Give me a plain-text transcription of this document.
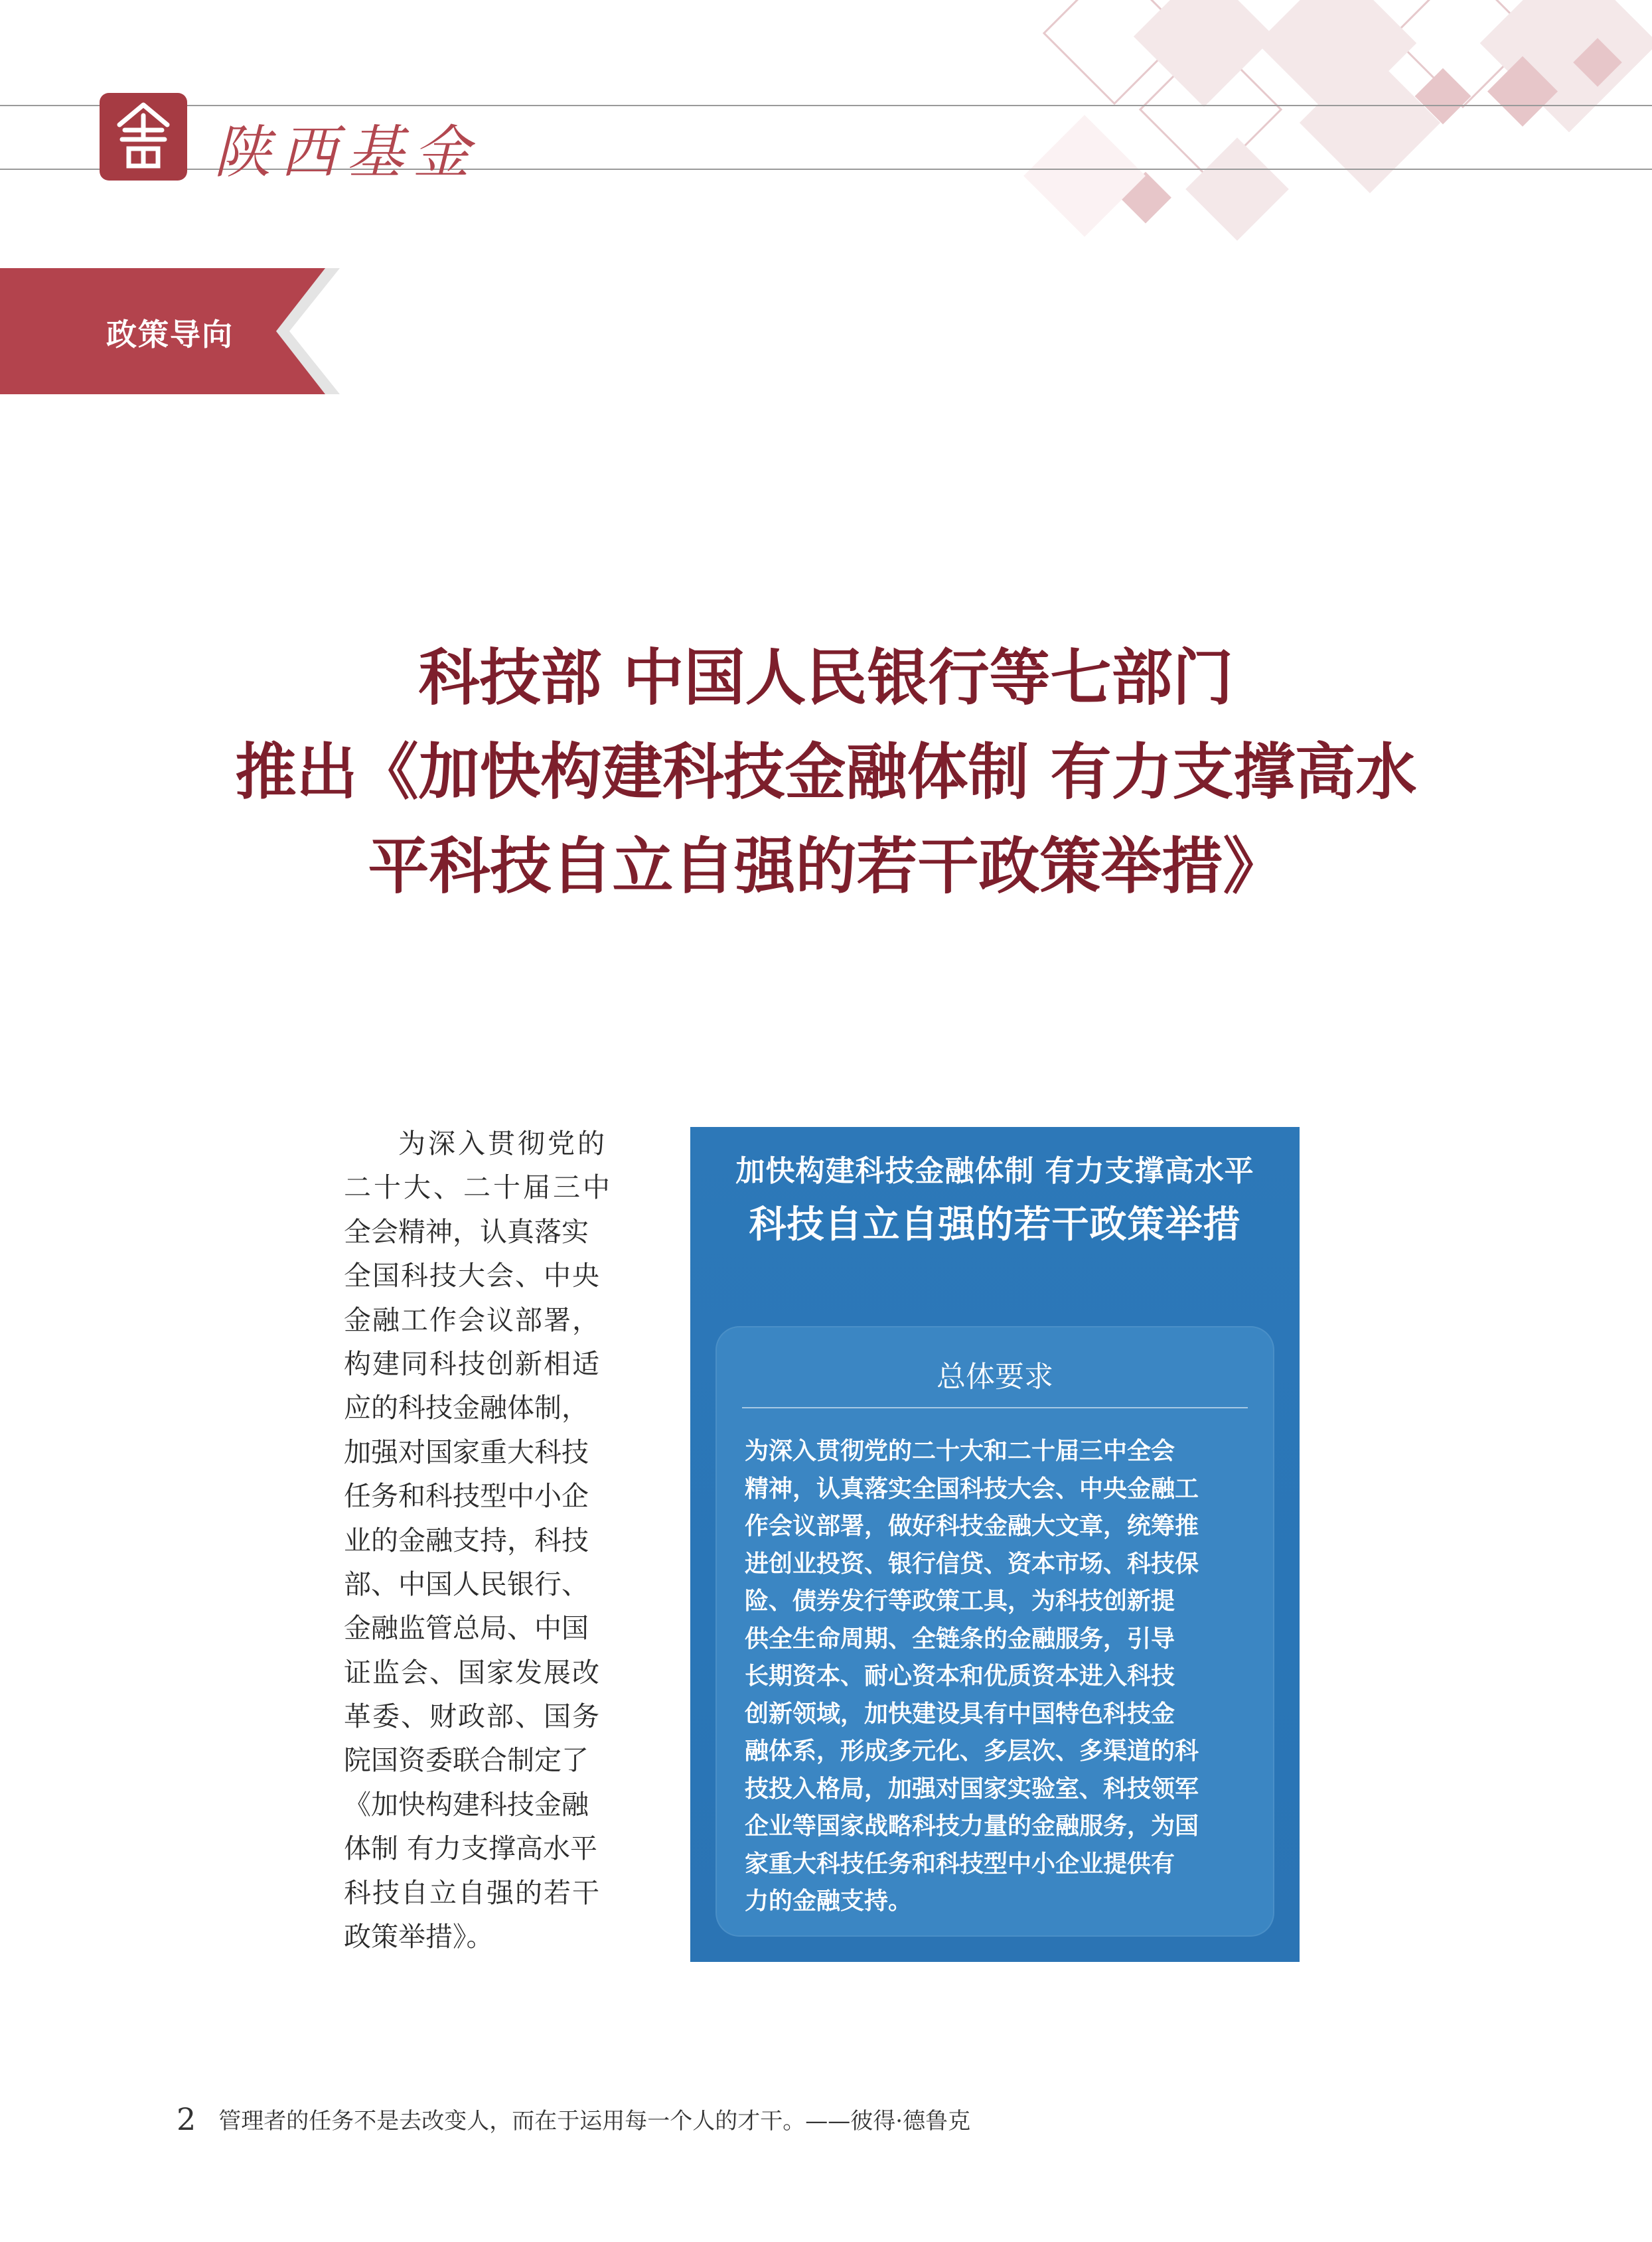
陕西基金
政策导向
科技部 中国人民银行等七部门
推出《加快构建科技金融体制 有力支撑高水
平科技自立自强的若干政策举措》
为深入贯彻党的
二十大、二十届三中
全会精神，认真落实
全国科技大会、中央
金融工作会议部署，
构建同科技创新相适
应的科技金融体制，
加强对国家重大科技
任务和科技型中小企
业的金融支持，科技
部、中国人民银行、
金融监管总局、中国
证监会、国家发展改
革委、财政部、国务
院国资委联合制定了
《加快构建科技金融
体制 有力支撑高水平
科技自立自强的若干
政策举措》。
加快构建科技金融体制 有力支撑高水平
科技自立自强的若干政策举措
总体要求
为深入贯彻党的二十大和二十届三中全会
精神，认真落实全国科技大会、中央金融工
作会议部署，做好科技金融大文章，统筹推
进创业投资、银行信贷、资本市场、科技保
险、债券发行等政策工具，为科技创新提
供全生命周期、全链条的金融服务，引导
长期资本、耐心资本和优质资本进入科技
创新领域，加快建设具有中国特色科技金
融体系，形成多元化、多层次、多渠道的科
技投入格局，加强对国家实验室、科技领军
企业等国家战略科技力量的金融服务，为国
家重大科技任务和科技型中小企业提供有
力的金融支持。
2 管理者的任务不是去改变人，而在于运用每一个人的才干。——彼得·德鲁克
